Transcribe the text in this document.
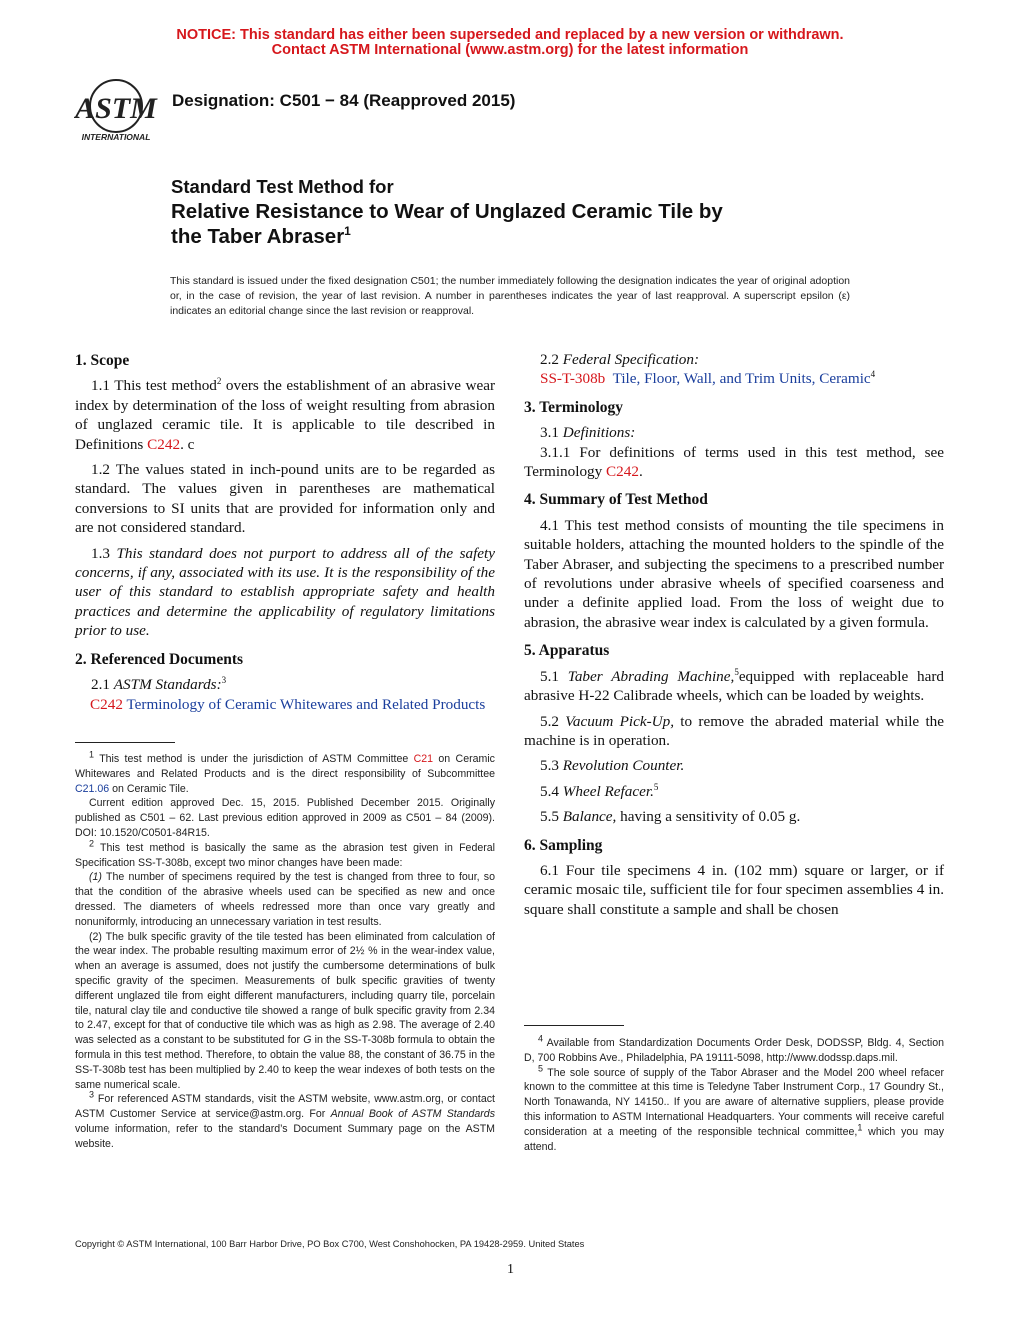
NOTICE: This standard has either been superseded and replaced by a new version or withdrawn.
Contact ASTM International (www.astm.org) for the latest information
ASTM
INTERNATIONAL
Designation: C501 − 84 (Reapproved 2015)
Standard Test Method for
Relative Resistance to Wear of Unglazed Ceramic Tile by
the Taber Abraser$^1$
This standard is issued under the fixed designation C501; the number immediately following the designation indicates the year of original adoption or, in the case of revision, the year of last revision. A number in parentheses indicates the year of last reapproval. A superscript epsilon (ε) indicates an editorial change since the last revision or reapproval.

1. Scope

1.1 This test method$^2$ overs the establishment of an abrasive wear index by determination of the loss of weight resulting from abrasion of unglazed ceramic tile. It is applicable to tile described in Definitions C242. c

1.2 The values stated in inch-pound units are to be regarded as standard. The values given in parentheses are mathematical conversions to SI units that are provided for information only and are not considered standard.

1.3 This standard does not purport to address all of the safety concerns, if any, associated with its use. It is the responsibility of the user of this standard to establish appropriate safety and health practices and determine the applicability of regulatory limitations prior to use.

2. Referenced Documents

2.1 ASTM Standards:$^3$

C242 Terminology of Ceramic Whitewares and Related Products

$^1$ This test method is under the jurisdiction of ASTM Committee C21 on Ceramic Whitewares and Related Products and is the direct responsibility of Subcommittee C21.06 on Ceramic Tile.

Current edition approved Dec. 15, 2015. Published December 2015. Originally published as C501 – 62. Last previous edition approved in 2009 as C501 – 84 (2009). DOI: 10.1520/C0501-84R15.

$^2$ This test method is basically the same as the abrasion test given in Federal Specification SS-T-308b, except two minor changes have been made:

(1) The number of specimens required by the test is changed from three to four, so that the condition of the abrasive wheels used can be specified as new and once dressed. The diameters of wheels redressed more than once vary greatly and nonuniformly, introducing an unnecessary variation in test results.

(2) The bulk specific gravity of the tile tested has been eliminated from calculation of the wear index. The probable resulting maximum error of 2½ % in the wear-index value, when an average is assumed, does not justify the cumbersome determinations of bulk specific gravity of the specimen. Measurements of bulk specific gravities of twenty different unglazed tile from eight different manufacturers, including quarry tile, porcelain tile, natural clay tile and conductive tile showed a range of bulk specific gravity from 2.34 to 2.47, except for that of conductive tile which was as high as 2.98. The average of 2.40 was selected as a constant to be substituted for G in the SS-T-308b formula to obtain the formula in this test method. Therefore, to obtain the value 88, the constant of 36.75 in the SS-T-308b test has been multiplied by 2.40 to keep the wear indexes of both tests on the same numerical scale.

$^3$ For referenced ASTM standards, visit the ASTM website, www.astm.org, or contact ASTM Customer Service at service@astm.org. For Annual Book of ASTM Standards volume information, refer to the standard’s Document Summary page on the ASTM website.

2.2 Federal Specification:

SS-T-308b Tile, Floor, Wall, and Trim Units, Ceramic$^4$

3. Terminology

3.1 Definitions:

3.1.1 For definitions of terms used in this test method, see Terminology C242.

4. Summary of Test Method

4.1 This test method consists of mounting the tile specimens in suitable holders, attaching the mounted holders to the spindle of the Taber Abraser, and subjecting the specimens to a prescribed number of revolutions under abrasive wheels of specified coarseness and under a definite applied load. From the loss of weight due to abrasion, the abrasive wear index is calculated by a given formula.

5. Apparatus

5.1 Taber Abrading Machine,$^5$equipped with replaceable hard abrasive H-22 Calibrade wheels, which can be loaded by weights.

5.2 Vacuum Pick-Up, to remove the abraded material while the machine is in operation.

5.3 Revolution Counter.

5.4 Wheel Refacer.$^5$

5.5 Balance, having a sensitivity of 0.05 g.

6. Sampling

6.1 Four tile specimens 4 in. (102 mm) square or larger, or if ceramic mosaic tile, sufficient tile for four specimen assemblies 4 in. square shall constitute a sample and shall be chosen

$^4$ Available from Standardization Documents Order Desk, DODSSP, Bldg. 4, Section D, 700 Robbins Ave., Philadelphia, PA 19111-5098, http://www.dodssp.daps.mil.

$^5$ The sole source of supply of the Tabor Abraser and the Model 200 wheel refacer known to the committee at this time is Teledyne Taber Instrument Corp., 17 Goundry St., North Tonawanda, NY 14150.. If you are aware of alternative suppliers, please provide this information to ASTM International Headquarters. Your comments will receive careful consideration at a meeting of the responsible technical committee,$^1$ which you may attend.

Copyright © ASTM International, 100 Barr Harbor Drive, PO Box C700, West Conshohocken, PA 19428-2959. United States
1
